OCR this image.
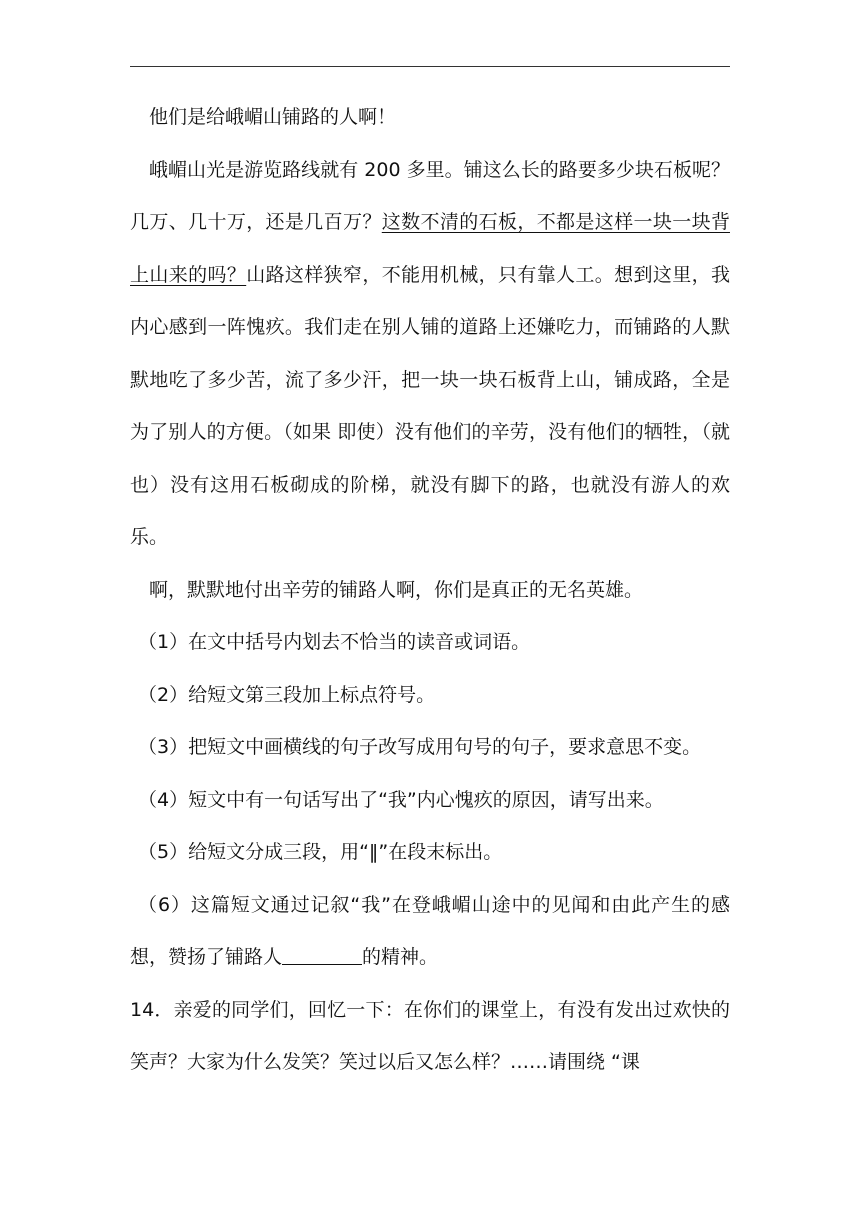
他们是给峨嵋山铺路的人啊！

峨嵋山光是游览路线就有 200 多里。铺这么长的路要多少块石板呢？几万、几十万，还是几百万？这数不清的石板，不都是这样一块一块背上山来的吗？山路这样狭窄，不能用机械，只有靠人工。想到这里，我内心感到一阵愧疚。我们走在别人铺的道路上还嫌吃力，而铺路的人默默地吃了多少苦，流了多少汗，把一块一块石板背上山，铺成路，全是为了别人的方便。（如果 即使）没有他们的辛劳，没有他们的牺牲，（就 也）没有这用石板砌成的阶梯，就没有脚下的路，也就没有游人的欢乐。

啊，默默地付出辛劳的铺路人啊，你们是真正的无名英雄。

（1）在文中括号内划去不恰当的读音或词语。

（2）给短文第三段加上标点符号。

（3）把短文中画横线的句子改写成用句号的句子，要求意思不变。

（4）短文中有一句话写出了“我”内心愧疚的原因，请写出来。

（5）给短文分成三段，用“‖”在段末标出。

（6）这篇短文通过记叙“我”在登峨嵋山途中的见闻和由此产生的感想，赞扬了铺路人	的精神。

14．亲爱的同学们，回忆一下：在你们的课堂上，有没有发出过欢快的笑声？大家为什么发笑？笑过以后又怎么样？……请围绕 “课
